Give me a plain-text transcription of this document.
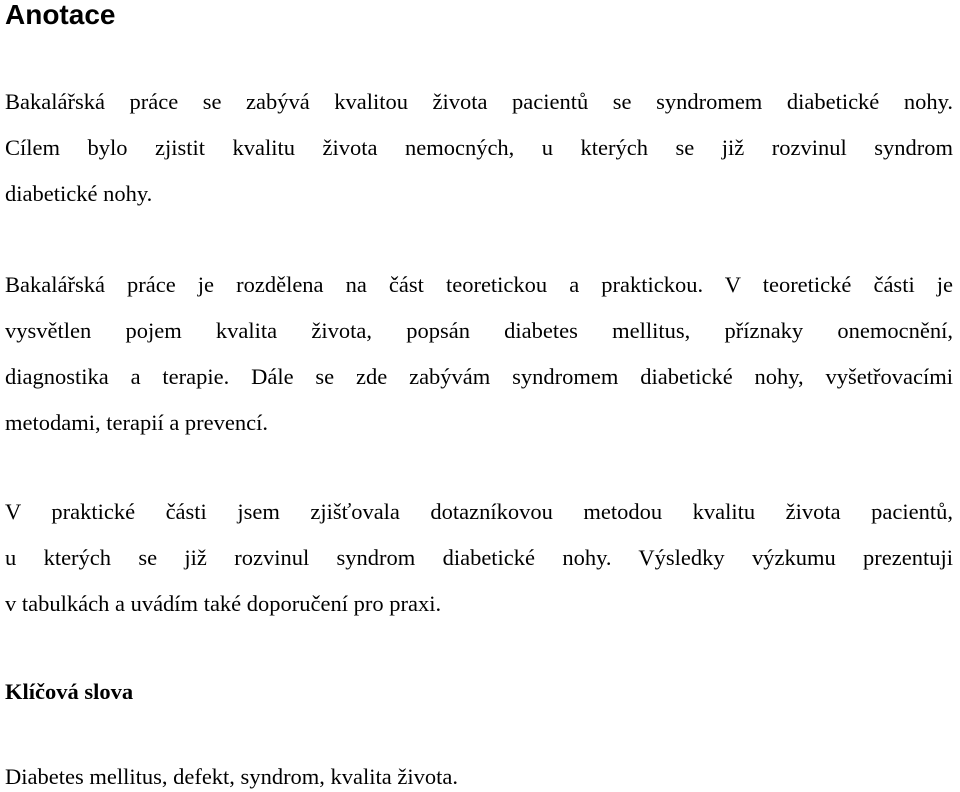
Anotace

Bakalářská práce se zabývá kvalitou života pacientů se syndromem diabetické nohy.
Cílem bylo zjistit kvalitu života nemocných, u kterých se již rozvinul syndrom
diabetické nohy.

Bakalářská práce je rozdělena na část teoretickou a praktickou. V teoretické části je
vysvětlen pojem kvalita života, popsán diabetes mellitus, příznaky onemocnění,
diagnostika a terapie. Dále se zde zabývám syndromem diabetické nohy, vyšetřovacími
metodami, terapií a prevencí.

V praktické části jsem zjišťovala dotazníkovou metodou kvalitu života pacientů,
u kterých se již rozvinul syndrom diabetické nohy. Výsledky výzkumu prezentuji
v tabulkách a uvádím také doporučení pro praxi.

Klíčová slova

Diabetes mellitus, defekt, syndrom, kvalita života.
